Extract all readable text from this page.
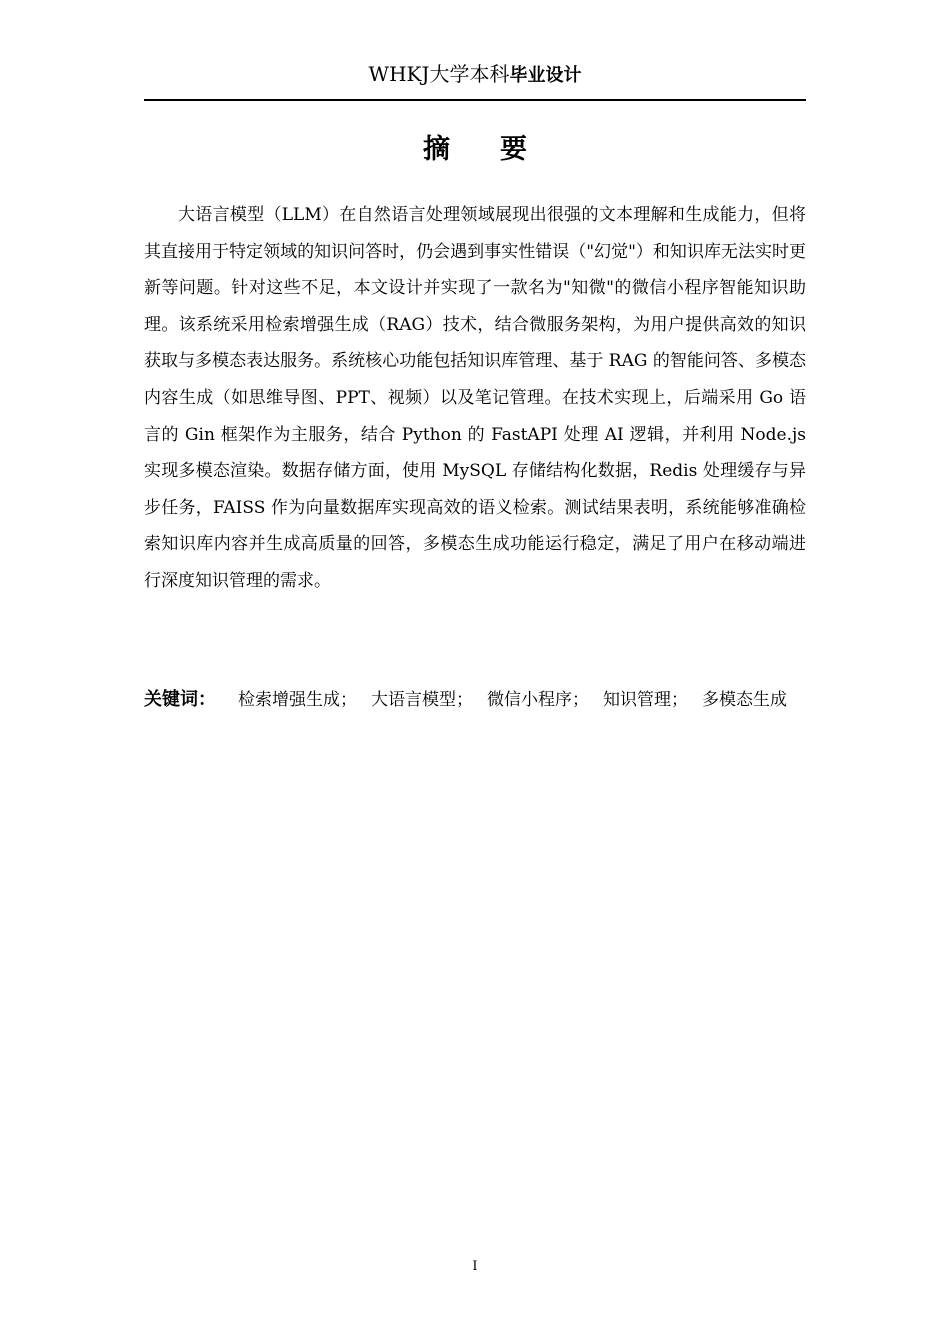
WHKJ大学本科毕业设计
摘要

大语言模型（LLM）在自然语言处理领域展现出很强的文本理解和生成能力，但将其直接用于特定领域的知识问答时，仍会遇到事实性错误（"幻觉"）和知识库无法实时更新等问题。针对这些不足，本文设计并实现了一款名为"知微"的微信小程序智能知识助理。该系统采用检索增强生成（RAG）技术，结合微服务架构，为用户提供高效的知识获取与多模态表达服务。系统核心功能包括知识库管理、基于 RAG 的智能问答、多模态内容生成（如思维导图、PPT、视频）以及笔记管理。在技术实现上，后端采用 Go 语言的 Gin 框架作为主服务，结合 Python 的 FastAPI 处理 AI 逻辑，并利用 Node.js 实现多模态渲染。数据存储方面，使用 MySQL 存储结构化数据，Redis 处理缓存与异步任务，FAISS 作为向量数据库实现高效的语义检索。测试结果表明，系统能够准确检索知识库内容并生成高质量的回答，多模态生成功能运行稳定，满足了用户在移动端进行深度知识管理的需求。

关键词： 检索增强生成； 大语言模型； 微信小程序； 知识管理； 多模态生成

I
